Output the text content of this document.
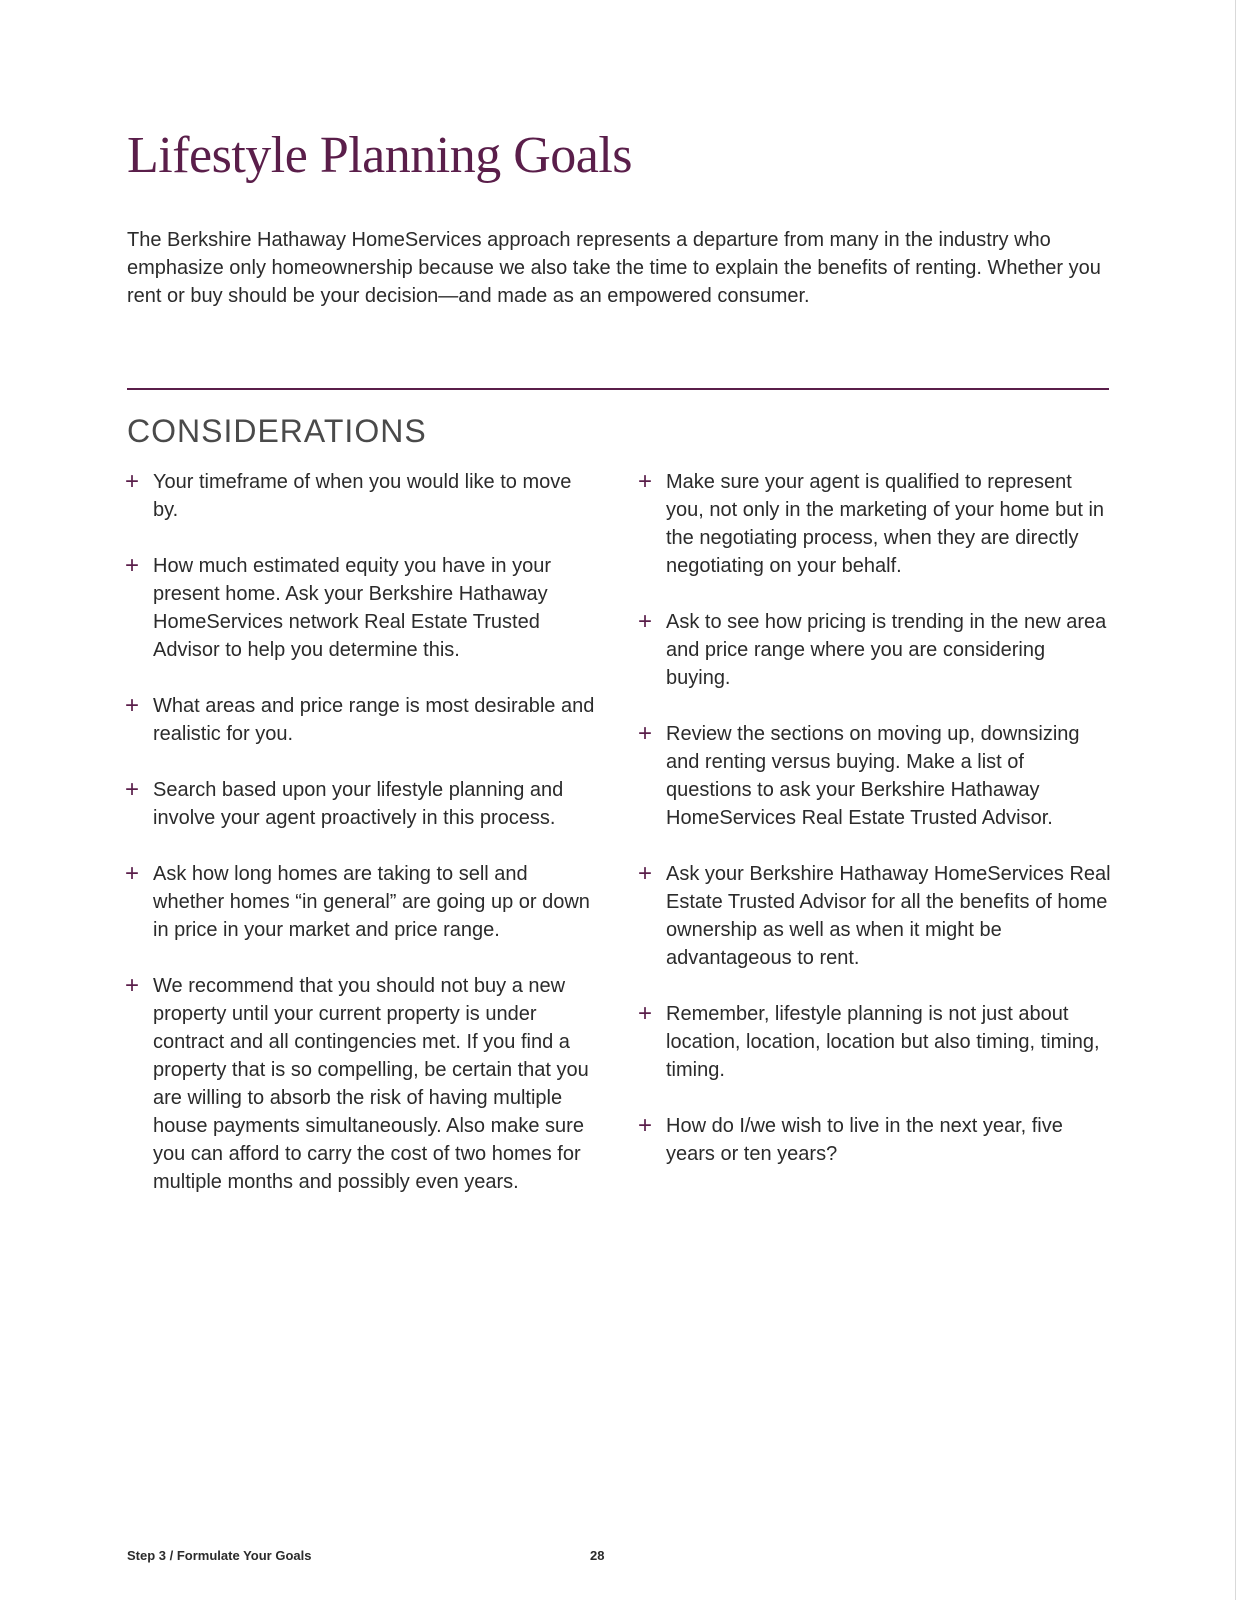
Lifestyle Planning Goals

The Berkshire Hathaway HomeServices approach represents a departure from many in the industry who emphasize only homeownership because we also take the time to explain the benefits of renting. Whether you rent or buy should be your decision—and made as an empowered consumer.

CONSIDERATIONS
+ Your timeframe of when you would like to move by.
+ How much estimated equity you have in your present home. Ask your Berkshire Hathaway HomeServices network Real Estate Trusted Advisor to help you determine this.
+ What areas and price range is most desirable and realistic for you.
+ Search based upon your lifestyle planning and involve your agent proactively in this process.
+ Ask how long homes are taking to sell and whether homes “in general” are going up or down in price in your market and price range.
+ We recommend that you should not buy a new property until your current property is under contract and all contingencies met. If you find a property that is so compelling, be certain that you are willing to absorb the risk of having multiple house payments simultaneously. Also make sure you can afford to carry the cost of two homes for multiple months and possibly even years.
+ Make sure your agent is qualified to represent you, not only in the marketing of your home but in the negotiating process, when they are directly negotiating on your behalf.
+ Ask to see how pricing is trending in the new area and price range where you are considering buying.
+ Review the sections on moving up, downsizing and renting versus buying. Make a list of questions to ask your Berkshire Hathaway HomeServices Real Estate Trusted Advisor.
+ Ask your Berkshire Hathaway HomeServices Real Estate Trusted Advisor for all the benefits of home ownership as well as when it might be advantageous to rent.
+ Remember, lifestyle planning is not just about location, location, location but also timing, timing, timing.
+ How do I/we wish to live in the next year, five years or ten years?
Step 3 / Formulate Your Goals	28
